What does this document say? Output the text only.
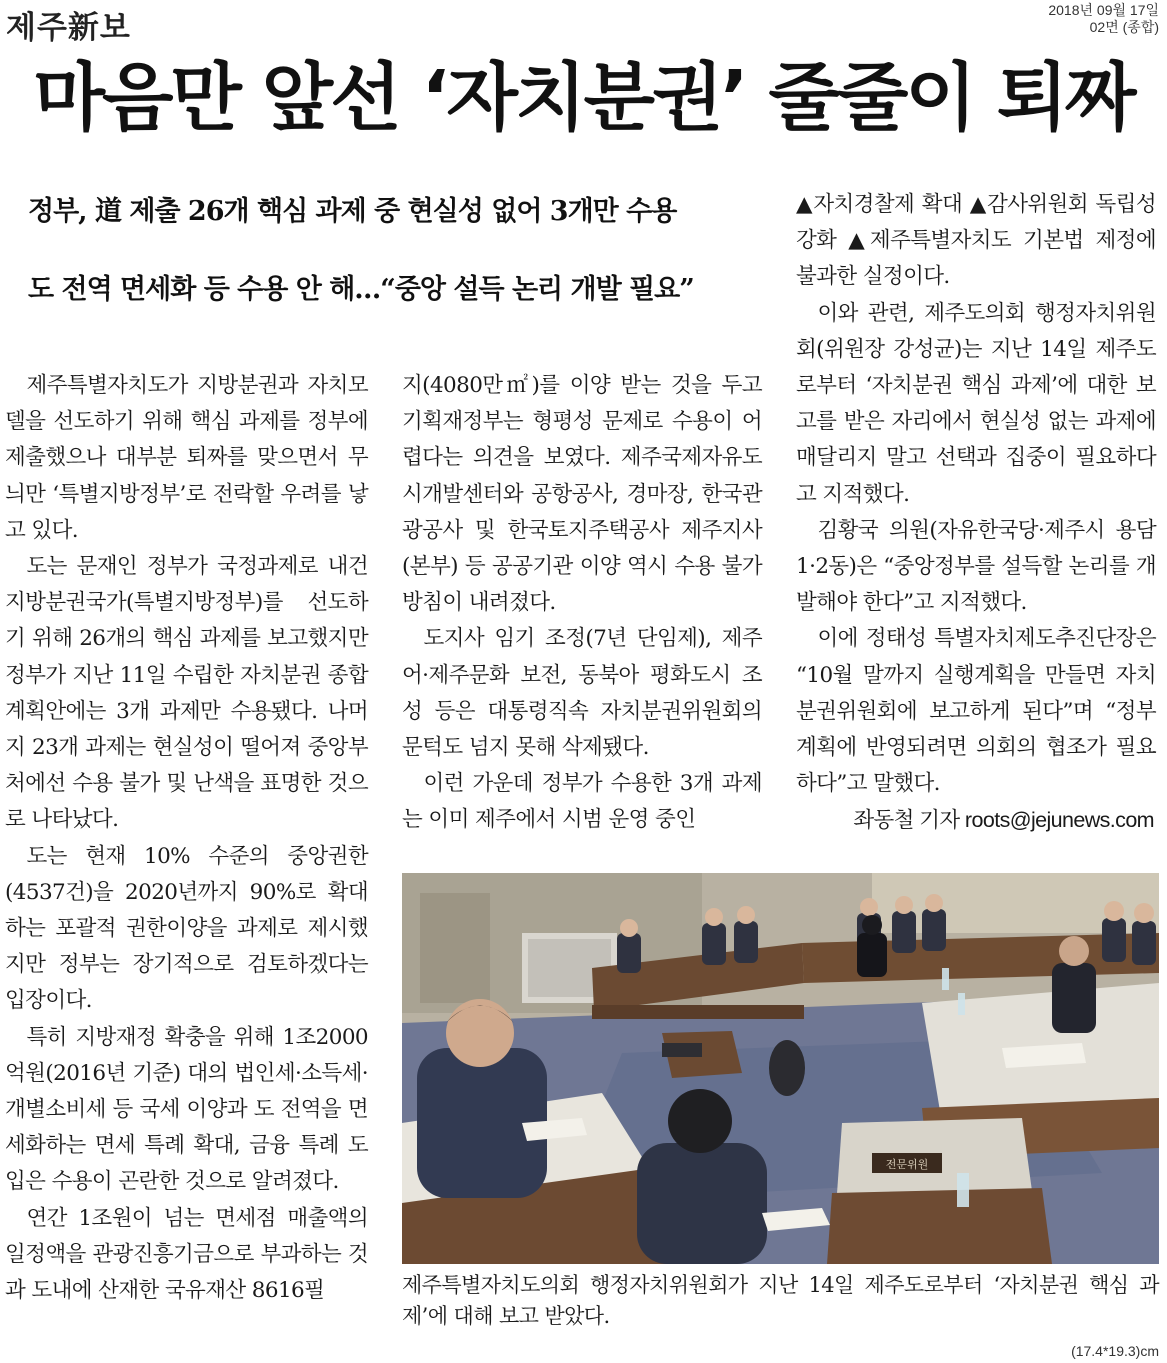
제주新보	2018년 09월 17일
02면 (종합)
마음만 앞선 ‘자치분권’ 줄줄이 퇴짜
정부, 道 제출 26개 핵심 과제 중 현실성 없어 3개만 수용
도 전역 면세화 등 수용 안 해…“중앙 설득 논리 개발 필요”

제주특별자치도가 지방분권과 자치모델을 선도하기 위해 핵심 과제를 정부에 제출했으나 대부분 퇴짜를 맞으면서 무늬만 ‘특별지방정부’로 전락할 우려를 낳고 있다.

도는 문재인 정부가 국정과제로 내건 지방분권국가(특별지방정부)를 선도하기 위해 26개의 핵심 과제를 보고했지만 정부가 지난 11일 수립한 자치분권 종합계획안에는 3개 과제만 수용됐다. 나머지 23개 과제는 현실성이 떨어져 중앙부처에선 수용 불가 및 난색을 표명한 것으로 나타났다.

도는 현재 10% 수준의 중앙권한(4537건)을 2020년까지 90%로 확대하는 포괄적 권한이양을 과제로 제시했지만 정부는 장기적으로 검토하겠다는 입장이다.

특히 지방재정 확충을 위해 1조2000억원(2016년 기준) 대의 법인세·소득세·개별소비세 등 국세 이양과 도 전역을 면세화하는 면세 특례 확대, 금융 특례 도입은 수용이 곤란한 것으로 알려졌다.

연간 1조원이 넘는 면세점 매출액의 일정액을 관광진흥기금으로 부과하는 것과 도내에 산재한 국유재산 8616필

지(4080만㎡)를 이양 받는 것을 두고 기획재정부는 형평성 문제로 수용이 어렵다는 의견을 보였다. 제주국제자유도시개발센터와 공항공사, 경마장, 한국관광공사 및 한국토지주택공사 제주지사(본부) 등 공공기관 이양 역시 수용 불가 방침이 내려졌다.

도지사 임기 조정(7년 단임제), 제주어·제주문화 보전, 동북아 평화도시 조성 등은 대통령직속 자치분권위원회의 문턱도 넘지 못해 삭제됐다.

이런 가운데 정부가 수용한 3개 과제는 이미 제주에서 시범 운영 중인

▲자치경찰제 확대 ▲감사위원회 독립성 강화 ▲제주특별자치도 기본법 제정에 불과한 실정이다.

이와 관련, 제주도의회 행정자치위원회(위원장 강성균)는 지난 14일 제주도로부터 ‘자치분권 핵심 과제’에 대한 보고를 받은 자리에서 현실성 없는 과제에 매달리지 말고 선택과 집중이 필요하다고 지적했다.

김황국 의원(자유한국당·제주시 용담1·2동)은 “중앙정부를 설득할 논리를 개발해야 한다”고 지적했다.

이에 정태성 특별자치제도추진단장은 “10월 말까지 실행계획을 만들면 자치분권위원회에 보고하게 된다”며 “정부계획에 반영되려면 의회의 협조가 필요하다”고 말했다.

좌동철 기자 roots@jejunews.com

전문위원
제주특별자치도의회 행정자치위원회가 지난 14일 제주도로부터 ‘자치분권 핵심 과제’에 대해 보고 받았다.
(17.4*19.3)cm
